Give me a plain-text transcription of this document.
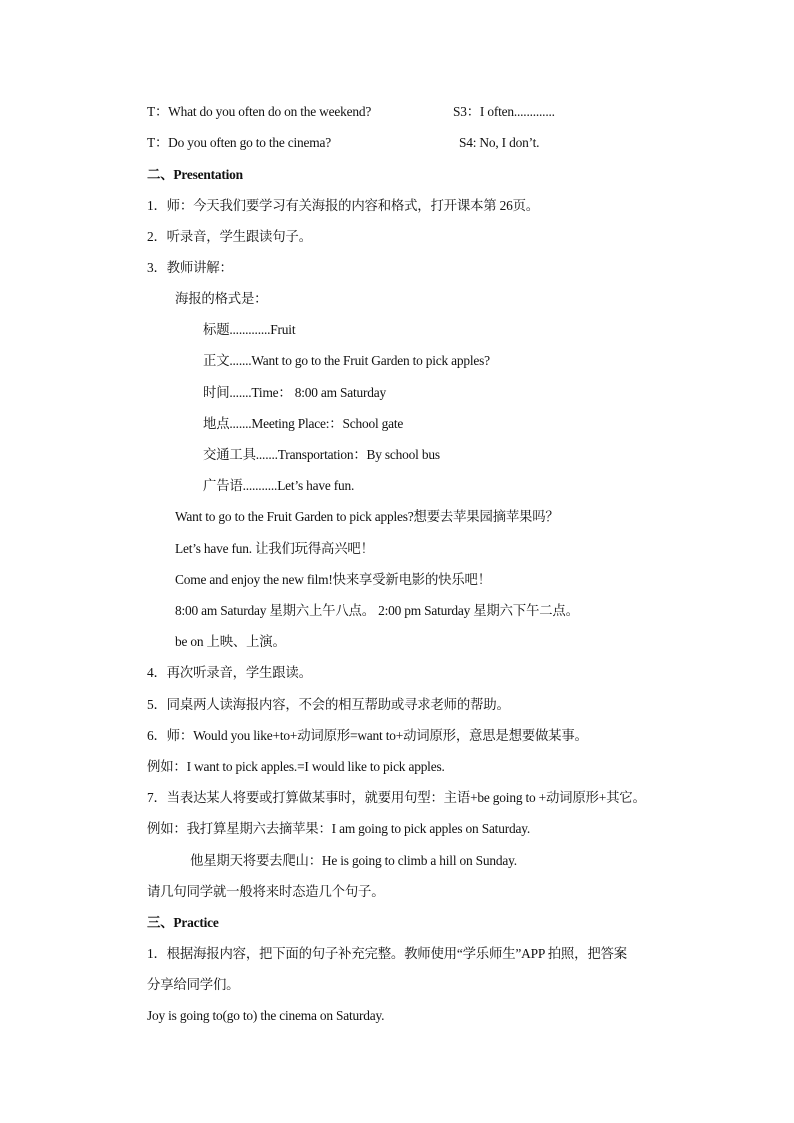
T：What do you often do on the weekend?	S3：I often.............
T：Do you often go to the cinema?	S4: No, I don’t.
二、Presentation
1．师：今天我们要学习有关海报的内容和格式，打开课本第 26页。
2．听录音，学生跟读句子。
3．教师讲解：
海报的格式是：
标题.............Fruit
正文.......Want to go to the Fruit Garden to pick apples?
时间.......Time： 8:00 am Saturday
地点.......Meeting Place:：School gate
交通工具.......Transportation：By school bus
广告语...........Let’s have fun.
Want to go to the Fruit Garden to pick apples?想要去苹果园摘苹果吗？
Let’s have fun. 让我们玩得高兴吧！
Come and enjoy the new film!快来享受新电影的快乐吧！
8:00 am Saturday 星期六上午八点。 2:00 pm Saturday 星期六下午二点。
be on 上映、上演。
4．再次听录音，学生跟读。
5．同桌两人读海报内容，不会的相互帮助或寻求老师的帮助。
6．师：Would you like+to+动词原形=want to+动词原形，意思是想要做某事。
例如：I want to pick apples.=I would like to pick apples.
7．当表达某人将要或打算做某事时，就要用句型：主语+be going to +动词原形+其它。
例如：我打算星期六去摘苹果：I am going to pick apples on Saturday.
他星期天将要去爬山：He is going to climb a hill on Sunday.
请几句同学就一般将来时态造几个句子。
三、Practice
1．根据海报内容，把下面的句子补充完整。教师使用“学乐师生”APP 拍照，把答案
分享给同学们。
Joy is going to(go to) the cinema on Saturday.
